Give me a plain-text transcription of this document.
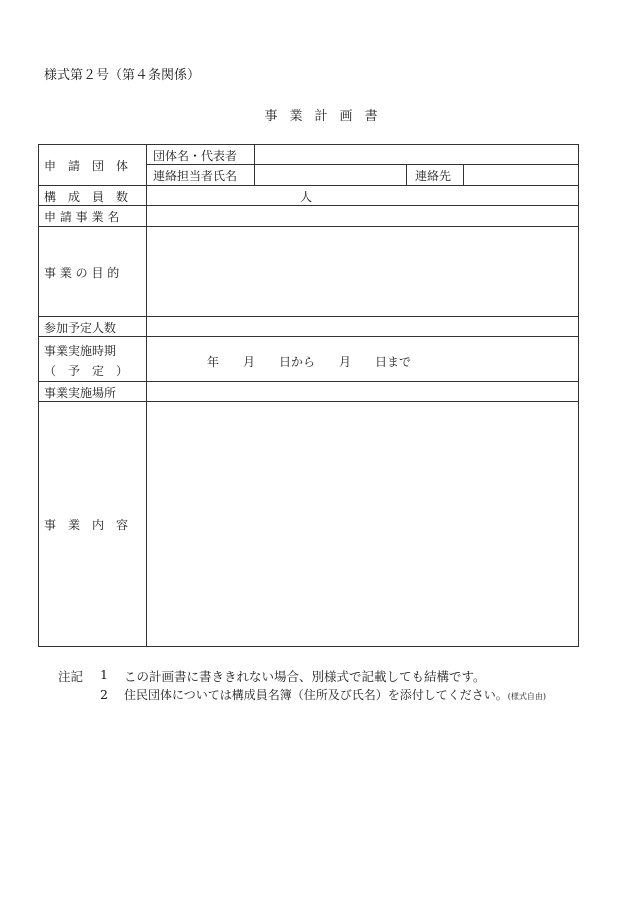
様式第２号（第４条関係）
事業計画書
申　請　団　体
団体名・代表者
連絡担当者氏名	連絡先
構　成　員　数	人
申 請 事 業 名
事 業 の 目 的
参加予定人数
事業実施時期
（　予　定　）
年　　月　　日から　　月　　日まで
事業実施場所
事　業　内　容
注記 1 この計画書に書ききれない場合、別様式で記載しても結構です。
2 住民団体については構成員名簿（住所及び氏名）を添付してください。(様式自由)
